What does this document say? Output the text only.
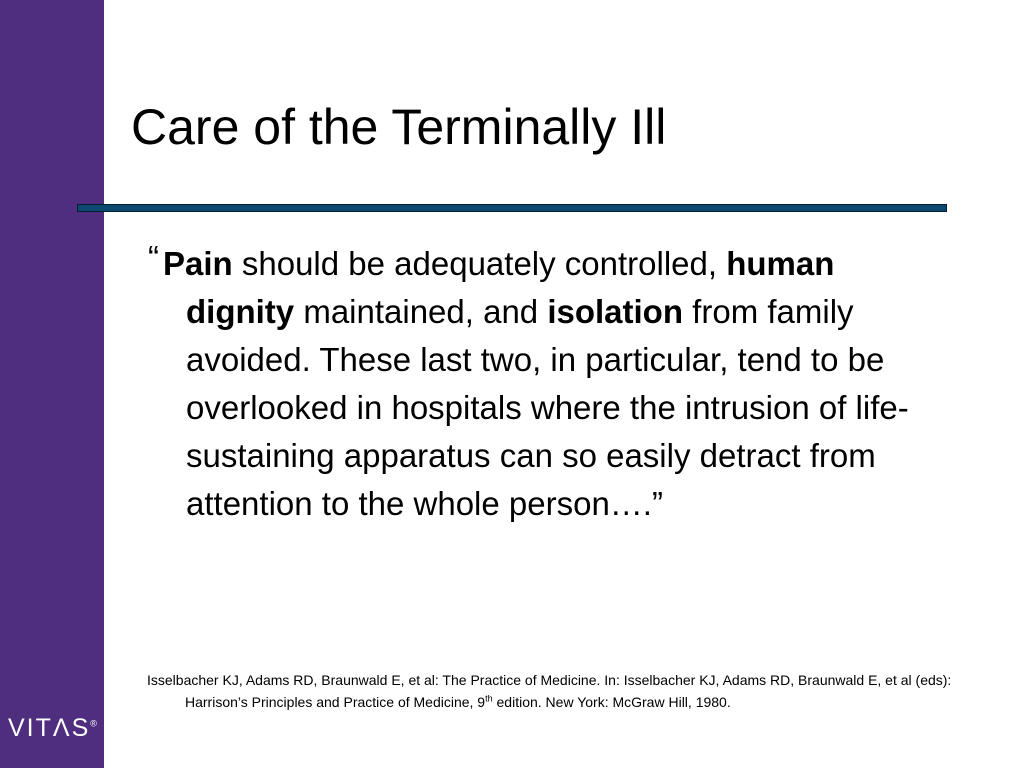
VITΛS®
Care of the Terminally Ill

“ Pain should be adequately controlled, human dignity maintained, and isolation from family avoided. These last two, in particular, tend to be overlooked in hospitals where the intrusion of life-sustaining apparatus can so easily detract from attention to the whole person….”

Isselbacher KJ, Adams RD, Braunwald E, et al: The Practice of Medicine. In: Isselbacher KJ, Adams RD, Braunwald E, et al (eds): Harrison’s Principles and Practice of Medicine, 9th edition. New York: McGraw Hill, 1980.
